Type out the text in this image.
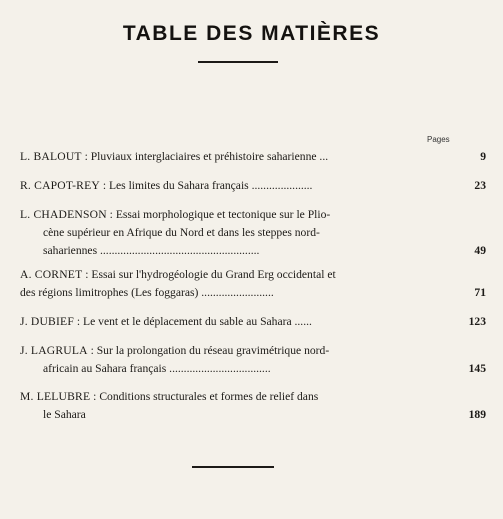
TABLE DES MATIÈRES
Pages
L. BALOUT : Pluviaux interglaciaires et préhistoire saharienne ...	9
R. CAPOT-REY : Les limites du Sahara français .....................	23
L. CHADENSON : Essai morphologique et tectonique sur le Plio-
cène supérieur en Afrique du Nord et dans les steppes nord-
sahariennes .......................................................	49
A. CORNET : Essai sur l'hydrogéologie du Grand Erg occidental et
des régions limitrophes (Les foggaras) .........................	71
J. DUBIEF : Le vent et le déplacement du sable au Sahara ......	123
J. LAGRULA : Sur la prolongation du réseau gravimétrique nord-
africain au Sahara français ...................................	145
M. LELUBRE : Conditions structurales et formes de relief dans
le Sahara	189
